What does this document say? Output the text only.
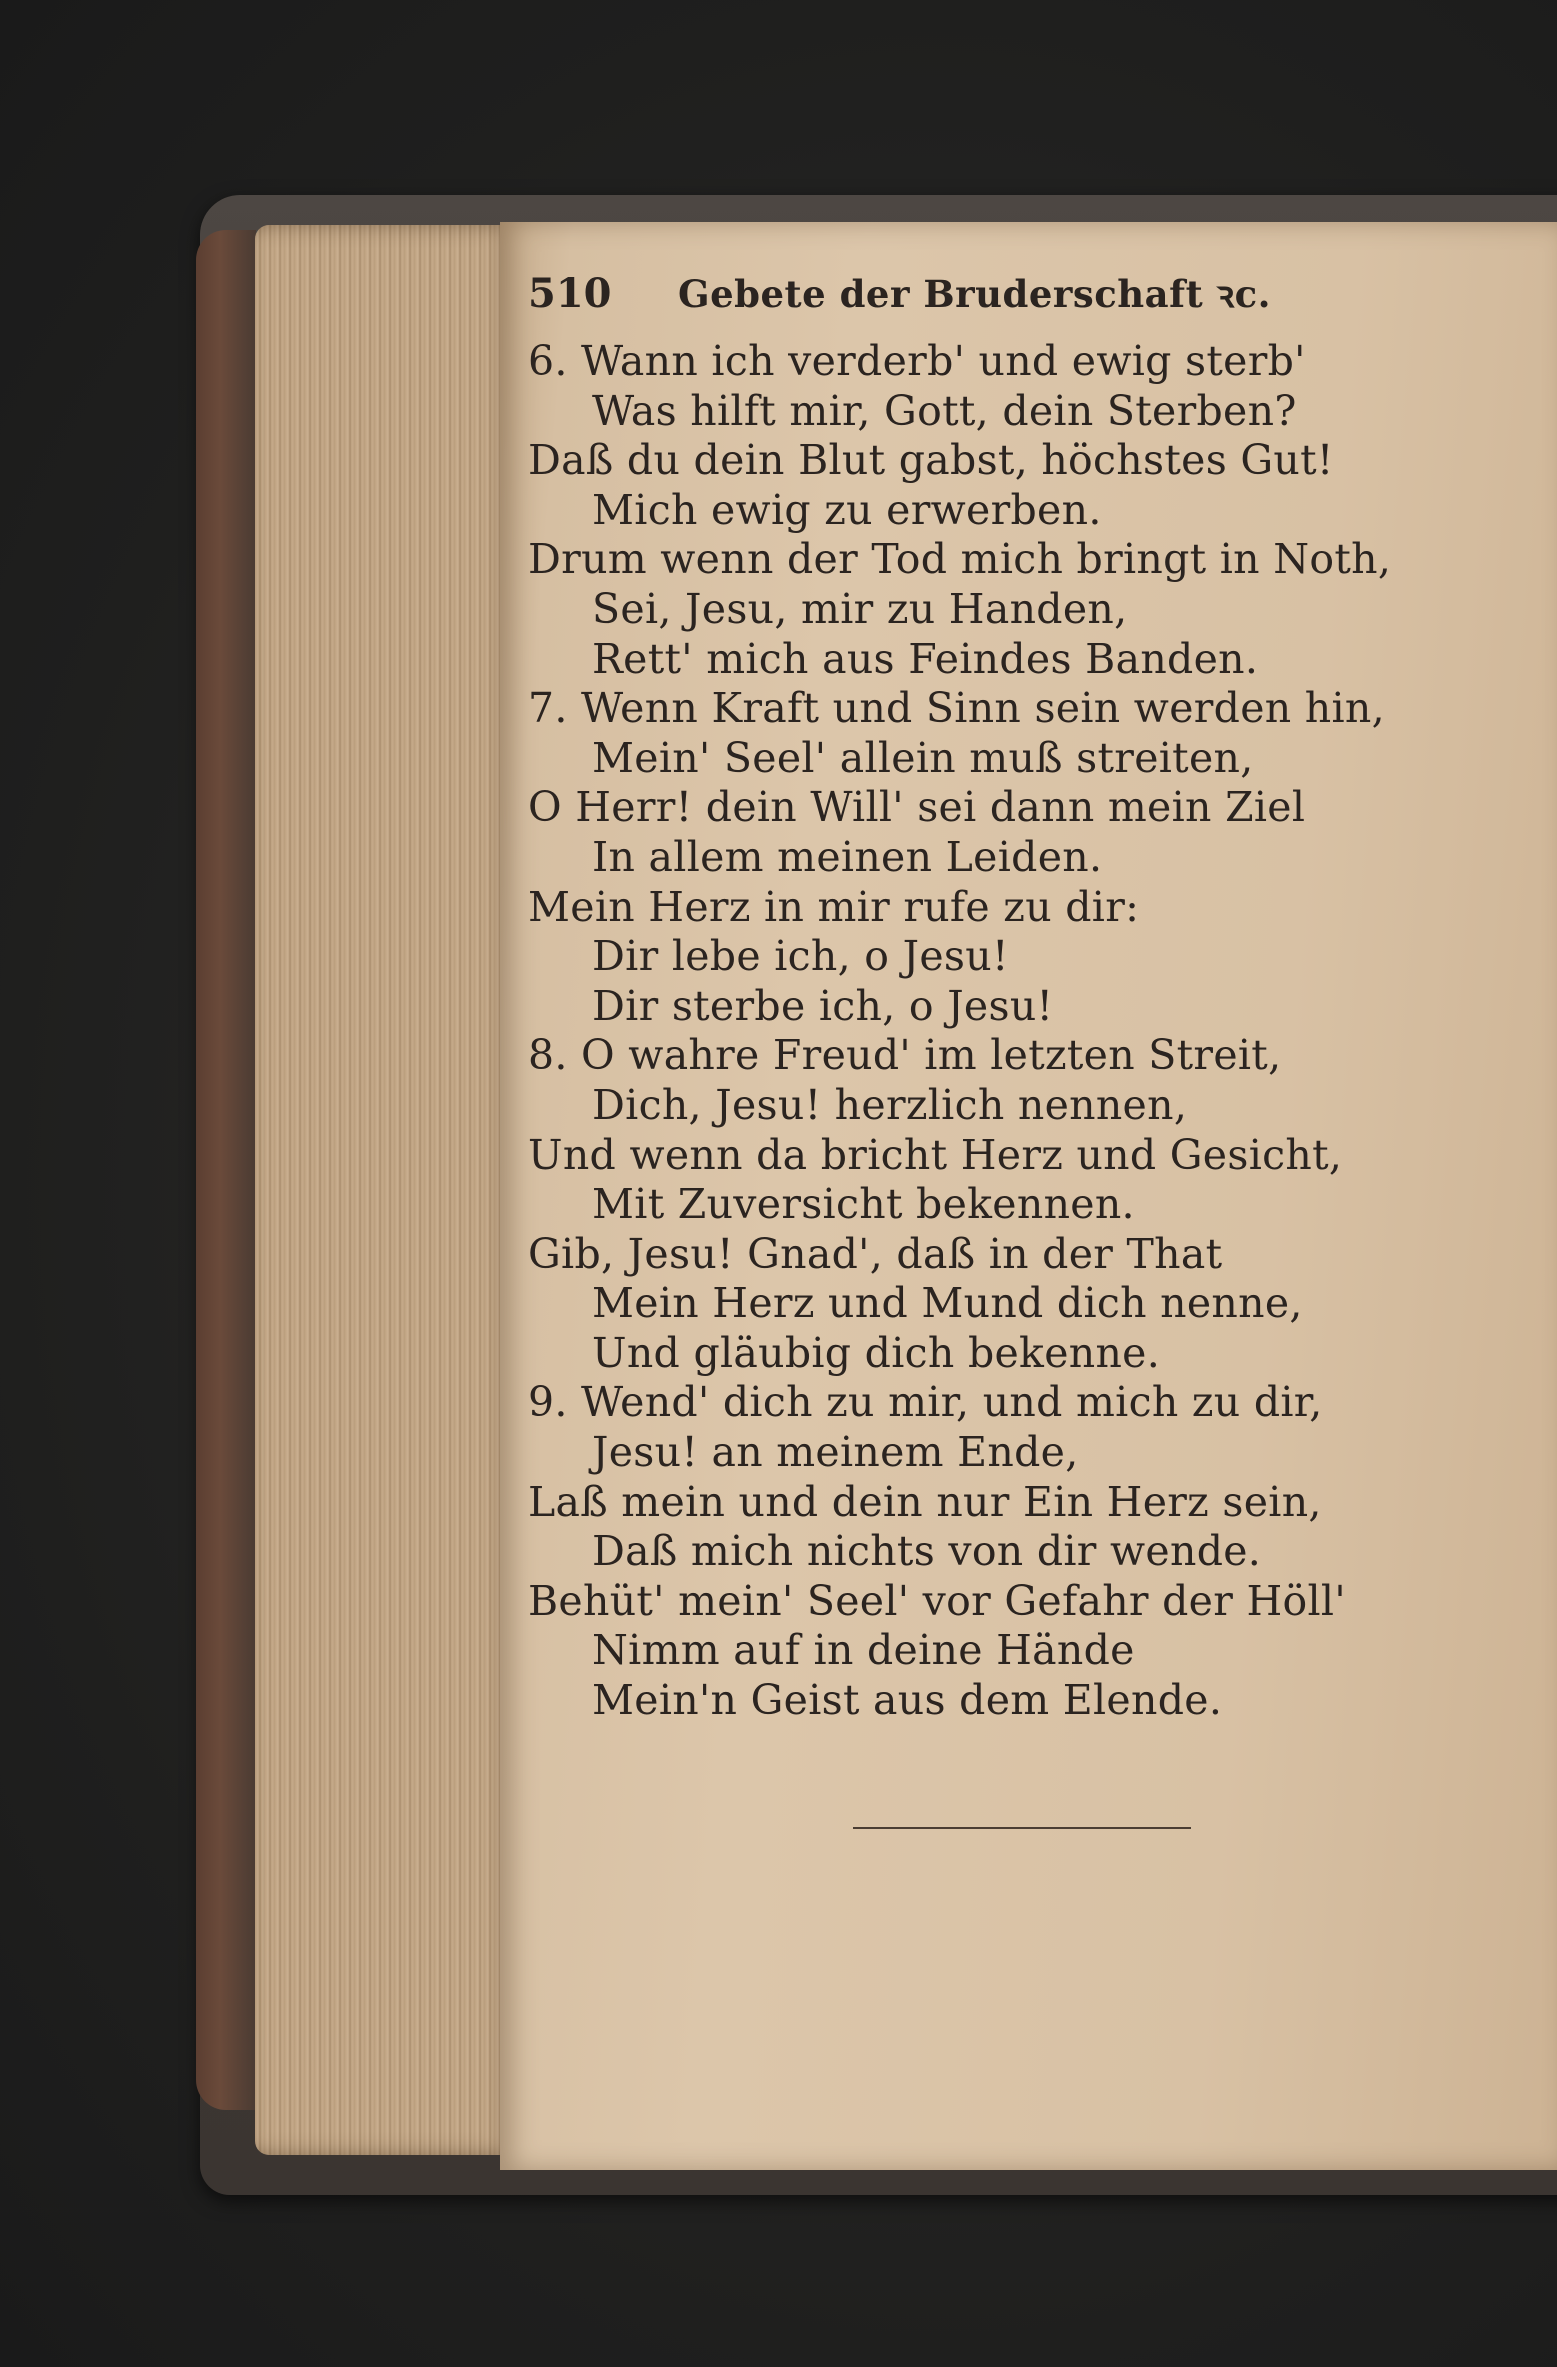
510	Gebete der Bruderschaft ꝛc.
6. Wann ich verderb' und ewig sterb'
Was hilft mir, Gott, dein Sterben?
Daß du dein Blut gabst, höchstes Gut!
Mich ewig zu erwerben.
Drum wenn der Tod mich bringt in Noth,
Sei, Jesu, mir zu Handen,
Rett' mich aus Feindes Banden.
7. Wenn Kraft und Sinn sein werden hin,
Mein' Seel' allein muß streiten,
O Herr! dein Will' sei dann mein Ziel
In allem meinen Leiden.
Mein Herz in mir rufe zu dir:
Dir lebe ich, o Jesu!
Dir sterbe ich, o Jesu!
8. O wahre Freud' im letzten Streit,
Dich, Jesu! herzlich nennen,
Und wenn da bricht Herz und Gesicht,
Mit Zuversicht bekennen.
Gib, Jesu! Gnad', daß in der That
Mein Herz und Mund dich nenne,
Und gläubig dich bekenne.
9. Wend' dich zu mir, und mich zu dir,
Jesu! an meinem Ende,
Laß mein und dein nur Ein Herz sein,
Daß mich nichts von dir wende.
Behüt' mein' Seel' vor Gefahr der Höll'
Nimm auf in deine Hände
Mein'n Geist aus dem Elende.
